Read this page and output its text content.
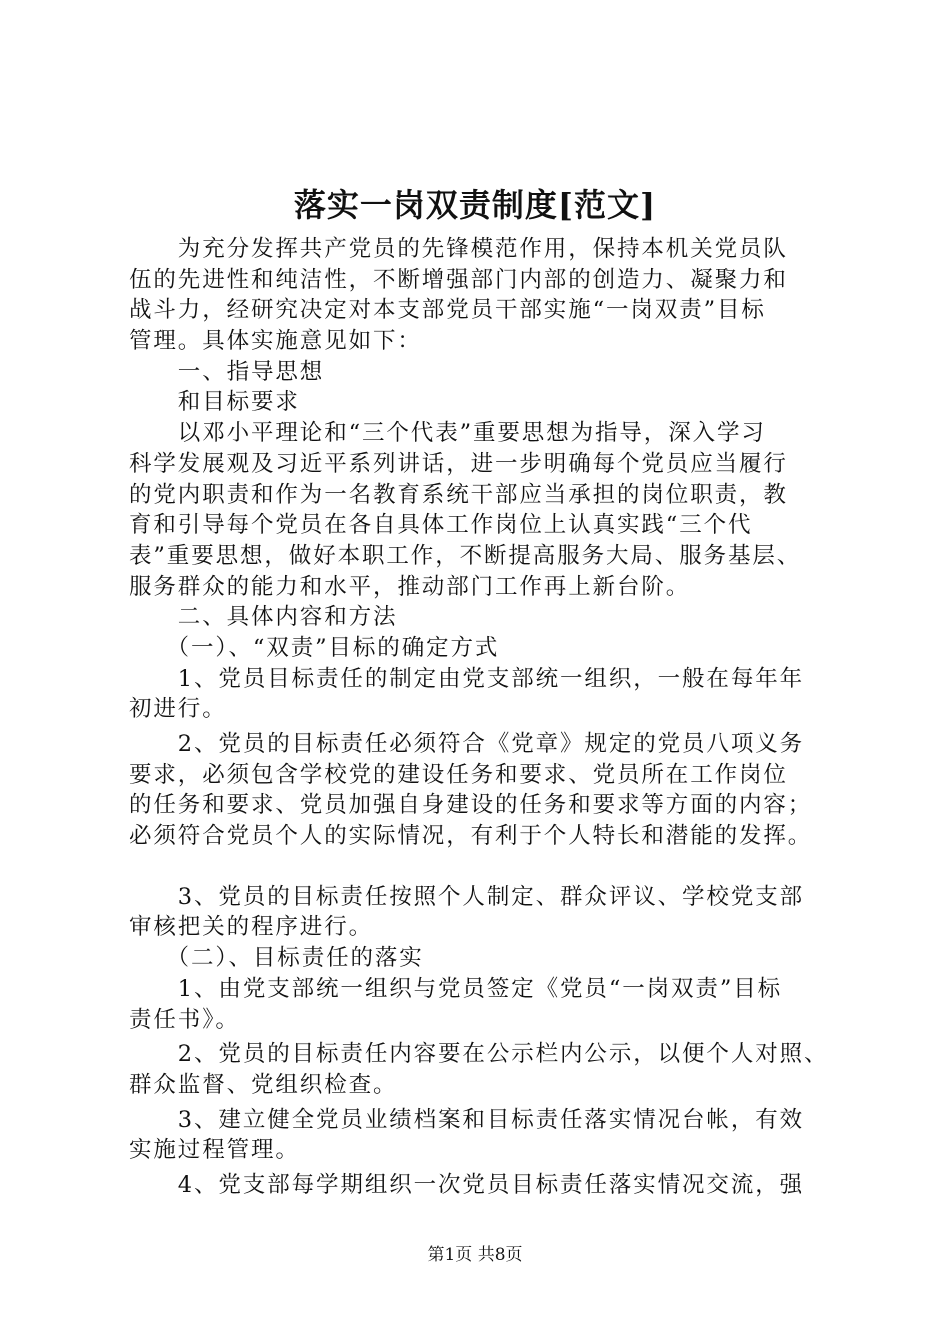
落实一岗双责制度[范文]
　　为充分发挥共产党员的先锋模范作用，保持本机关党员队
伍的先进性和纯洁性，不断增强部门内部的创造力、凝聚力和
战斗力，经研究决定对本支部党员干部实施“一岗双责”目标
管理。具体实施意见如下：
　　一、指导思想
　　和目标要求
　　以邓小平理论和“三个代表”重要思想为指导，深入学习
科学发展观及习近平系列讲话，进一步明确每个党员应当履行
的党内职责和作为一名教育系统干部应当承担的岗位职责，教
育和引导每个党员在各自具体工作岗位上认真实践“三个代
表”重要思想，做好本职工作，不断提高服务大局、服务基层、
服务群众的能力和水平，推动部门工作再上新台阶。
　　二、具体内容和方法
　　（一）、“双责”目标的确定方式
　　1、党员目标责任的制定由党支部统一组织，一般在每年年
初进行。
　　2、党员的目标责任必须符合《党章》规定的党员八项义务
要求，必须包含学校党的建设任务和要求、党员所在工作岗位
的任务和要求、党员加强自身建设的任务和要求等方面的内容；
必须符合党员个人的实际情况，有利于个人特长和潜能的发挥。
　　3、党员的目标责任按照个人制定、群众评议、学校党支部
审核把关的程序进行。
　　（二）、目标责任的落实
　　1、由党支部统一组织与党员签定《党员“一岗双责”目标
责任书》。
　　2、党员的目标责任内容要在公示栏内公示，以便个人对照、
群众监督、党组织检查。
　　3、建立健全党员业绩档案和目标责任落实情况台帐，有效
实施过程管理。
　　4、党支部每学期组织一次党员目标责任落实情况交流，强
第1页 共8页
